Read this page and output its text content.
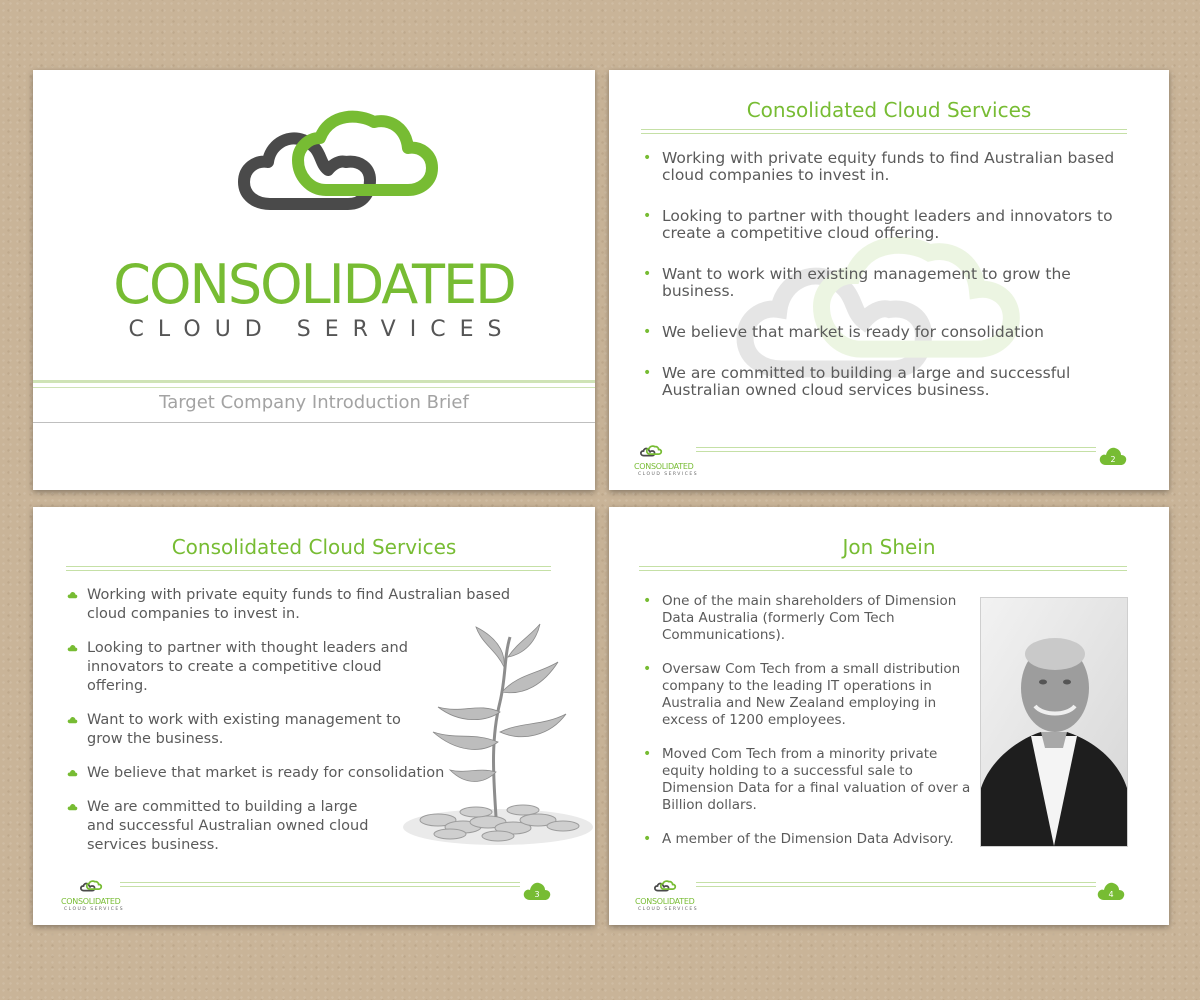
CONSOLIDATED
CLOUD SERVICES
Target Company Introduction Brief
Consolidated Cloud Services
• Working with private equity funds to find Australian based cloud companies to invest in.
• Looking to partner with thought leaders and innovators to create a competitive cloud offering.
• Want to work with existing management to grow the business.
• We believe that market is ready for consolidation
• We are committed to building a large and successful Australian owned cloud services business.
CONSOLIDATED
CLOUD SERVICES
2
Consolidated Cloud Services
Working with private equity funds to find Australian based cloud companies to invest in.
Looking to partner with thought leaders and innovators to create a competitive cloud offering.
Want to work with existing management to grow the business.
We believe that market is ready for consolidation
We are committed to building a large and successful Australian owned cloud services business.
CONSOLIDATED
CLOUD SERVICES
3
Jon Shein
• One of the main shareholders of Dimension Data Australia (formerly Com Tech Communications).
• Oversaw Com Tech from a small distribution company to the leading IT operations in Australia and New Zealand employing in excess of 1200 employees.
• Moved Com Tech from a minority private equity holding to a successful sale to Dimension Data for a final valuation of over a Billion dollars.
• A member of the Dimension Data Advisory.
CONSOLIDATED
CLOUD SERVICES
4
